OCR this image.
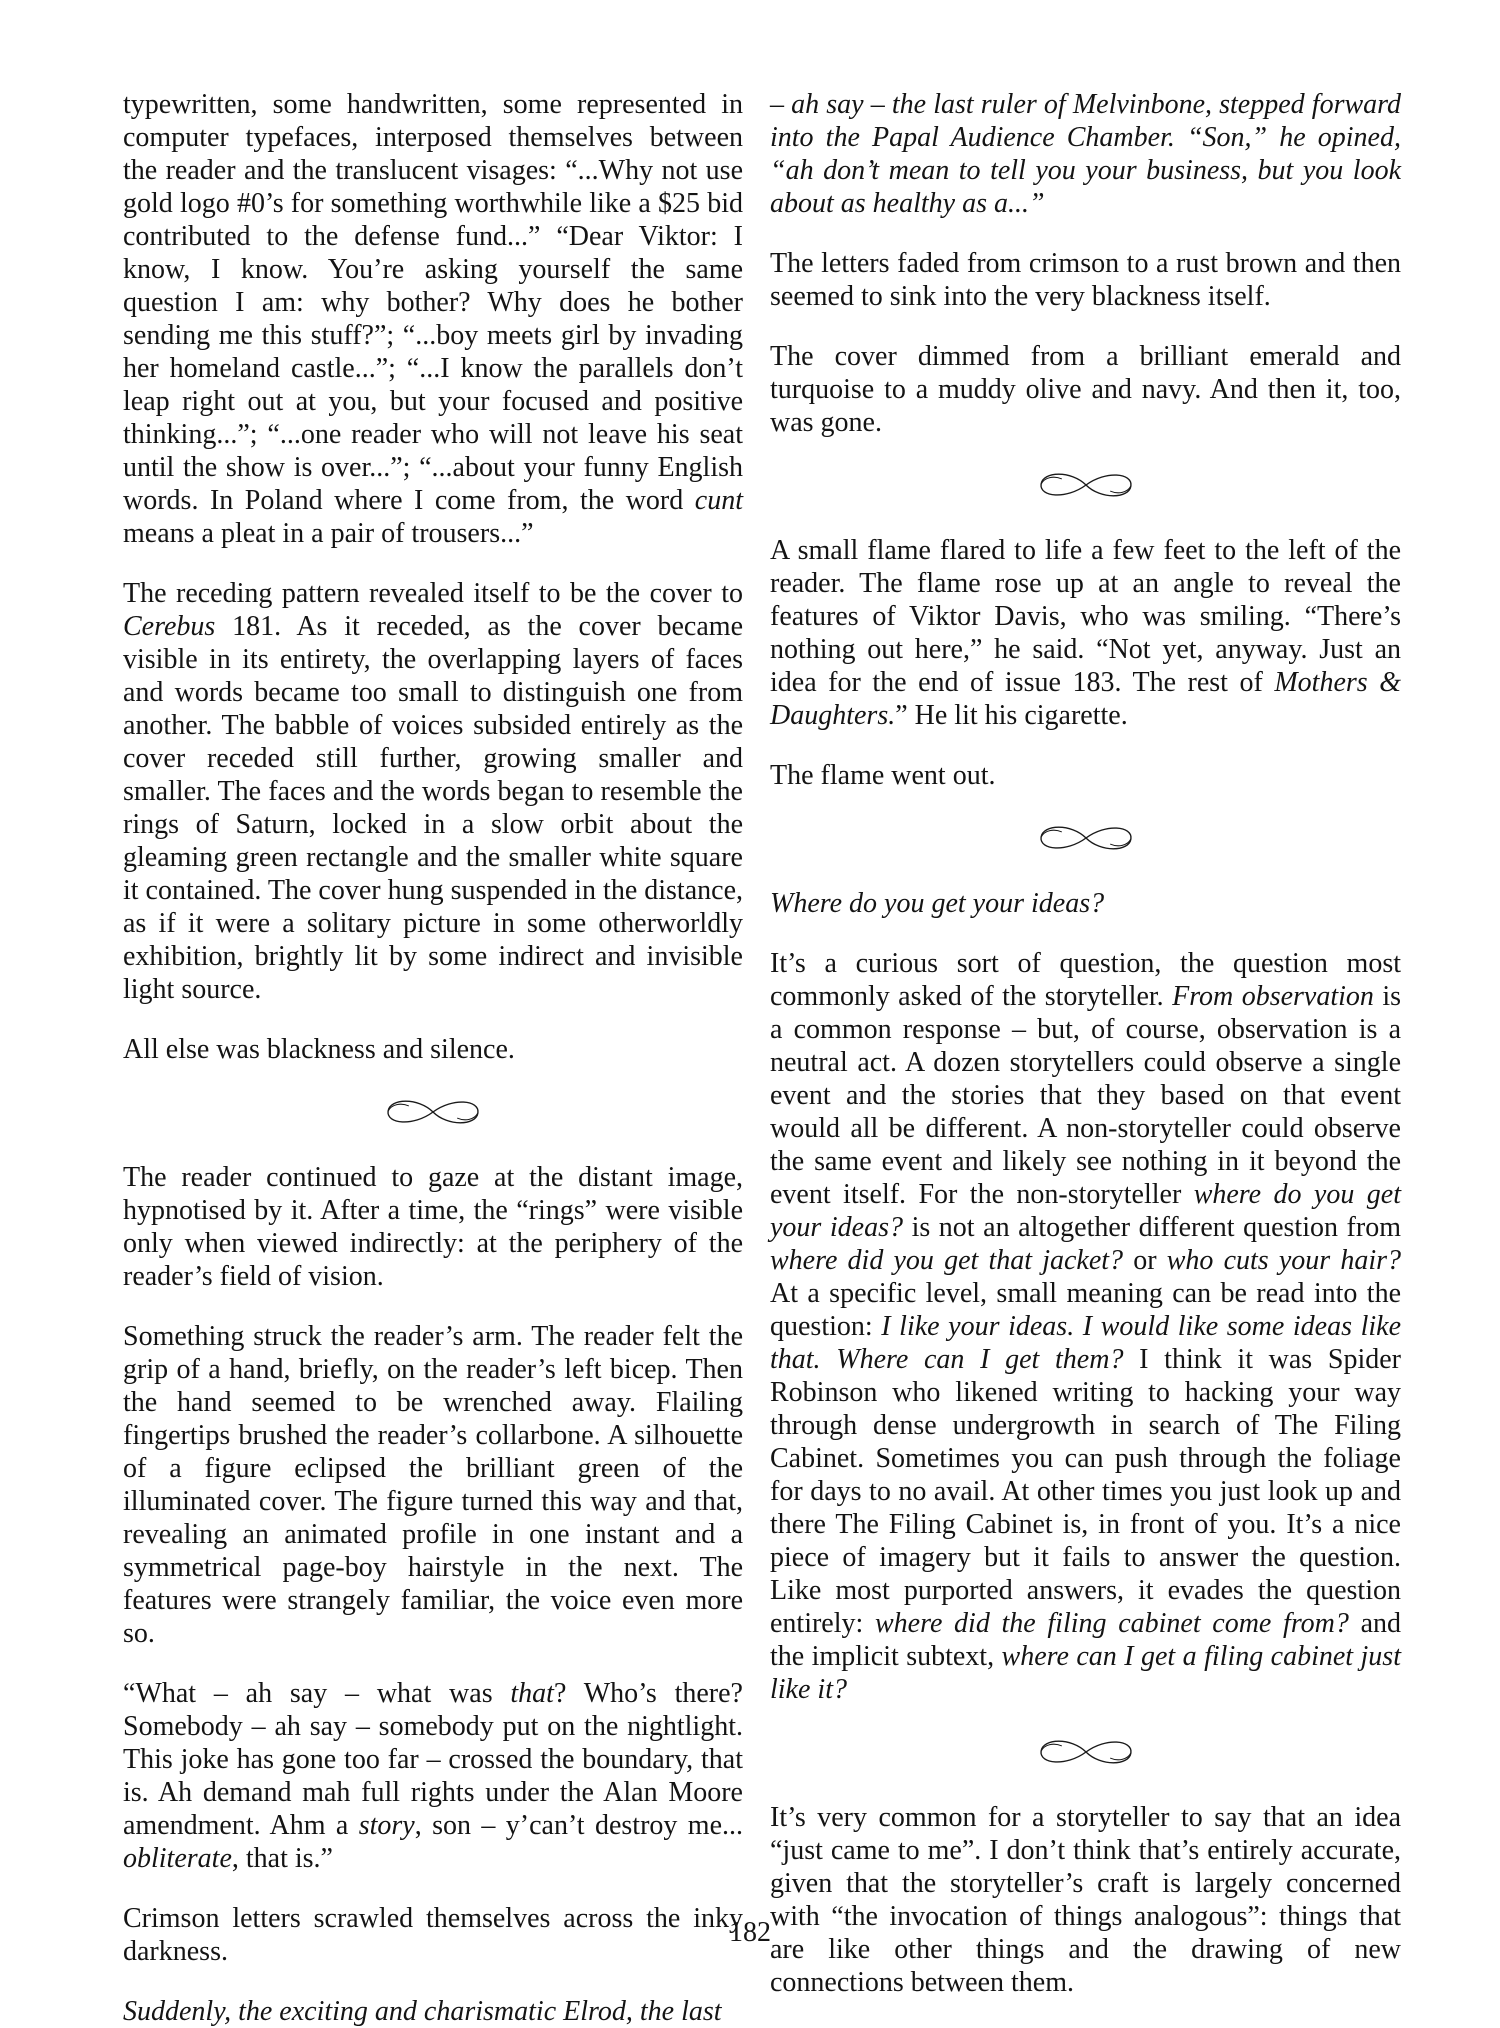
typewritten, some handwritten, some represented in computer typefaces, interposed themselves between the reader and the translucent visages: “...Why not use gold logo #0’s for something worthwhile like a $25 bid contributed to the defense fund...” “Dear Viktor: I know, I know. You’re asking yourself the same question I am: why bother? Why does he bother sending me this stuff?”; “...boy meets girl by invading her homeland castle...”; “...I know the parallels don’t leap right out at you, but your focused and positive thinking...”; “...one reader who will not leave his seat until the show is over...”; “...about your funny English words. In Poland where I come from, the word cunt means a pleat in a pair of trousers...”

The receding pattern revealed itself to be the cover to Cerebus 181. As it receded, as the cover became visible in its entirety, the overlapping layers of faces and words became too small to distinguish one from another. The babble of voices subsided entirely as the cover receded still further, growing smaller and smaller. The faces and the words began to resemble the rings of Saturn, locked in a slow orbit about the gleaming green rectangle and the smaller white square it contained. The cover hung suspended in the distance, as if it were a solitary picture in some otherworldly exhibition, brightly lit by some indirect and invisible light source.

All else was blackness and silence.

The reader continued to gaze at the distant image, hypnotised by it. After a time, the “rings” were visible only when viewed indirectly: at the periphery of the reader’s field of vision.

Something struck the reader’s arm. The reader felt the grip of a hand, briefly, on the reader’s left bicep. Then the hand seemed to be wrenched away. Flailing fingertips brushed the reader’s collarbone. A silhouette of a figure eclipsed the brilliant green of the illuminated cover. The figure turned this way and that, revealing an animated profile in one instant and a symmetrical page-boy hairstyle in the next. The features were strangely familiar, the voice even more so.

“What – ah say – what was that? Who’s there? Somebody – ah say – somebody put on the nightlight. This joke has gone too far – crossed the boundary, that is. Ah demand mah full rights under the Alan Moore amendment. Ahm a story, son – y’can’t destroy me... obliterate, that is.”

Crimson letters scrawled themselves across the inky darkness.

Suddenly, the exciting and charismatic Elrod, the last

– ah say – the last ruler of Melvinbone, stepped forward into the Papal Audience Chamber. “Son,” he opined, “ah don’t mean to tell you your business, but you look about as healthy as a...”

The letters faded from crimson to a rust brown and then seemed to sink into the very blackness itself.

The cover dimmed from a brilliant emerald and turquoise to a muddy olive and navy. And then it, too, was gone.

A small flame flared to life a few feet to the left of the reader. The flame rose up at an angle to reveal the features of Viktor Davis, who was smiling. “There’s nothing out here,” he said. “Not yet, anyway. Just an idea for the end of issue 183. The rest of Mothers & Daughters.” He lit his cigarette.

The flame went out.

Where do you get your ideas?

It’s a curious sort of question, the question most commonly asked of the storyteller. From observation is a common response – but, of course, observation is a neutral act. A dozen storytellers could observe a single event and the stories that they based on that event would all be different. A non-storyteller could observe the same event and likely see nothing in it beyond the event itself. For the non-storyteller where do you get your ideas? is not an altogether different question from where did you get that jacket? or who cuts your hair? At a specific level, small meaning can be read into the question: I like your ideas. I would like some ideas like that. Where can I get them? I think it was Spider Robinson who likened writing to hacking your way through dense undergrowth in search of The Filing Cabinet. Sometimes you can push through the foliage for days to no avail. At other times you just look up and there The Filing Cabinet is, in front of you. It’s a nice piece of imagery but it fails to answer the question. Like most purported answers, it evades the question entirely: where did the filing cabinet come from? and the implicit subtext, where can I get a filing cabinet just like it?

It’s very common for a storyteller to say that an idea “just came to me”. I don’t think that’s entirely accurate, given that the storyteller’s craft is largely concerned with “the invocation of things analogous”: things that are like other things and the drawing of new connections between them.

182
